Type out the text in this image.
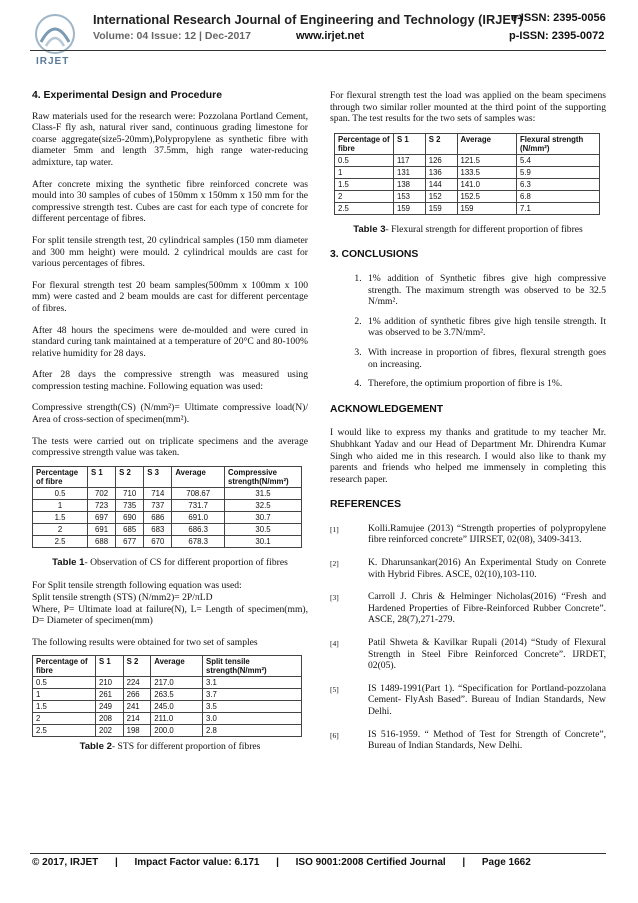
IRJET
International Research Journal of Engineering and Technology (IRJET)
e-ISSN: 2395-0056
Volume: 04 Issue: 12 | Dec-2017	www.irjet.net	p-ISSN: 2395-0072
4. Experimental Design and Procedure

Raw materials used for the research were: Pozzolana Portland Cement, Class-F fly ash, natural river sand, continuous grading limestone for coarse aggregate(size5-20mm),Polypropylene as synthetic fibre with diameter 5mm and length 37.5mm, high range water-reducing admixture, tap water.

After concrete mixing the synthetic fibre reinforced concrete was mould into 30 samples of cubes of 150mm x 150mm x 150 mm for the compressive strength test. Cubes are cast for each type of concrete for different percentage of fibres.

For split tensile strength test, 20 cylindrical samples (150 mm diameter and 300 mm height) were mould. 2 cylindrical moulds are cast for various percentages of fibres.

For flexural strength test 20 beam samples(500mm x 100mm x 100 mm) were casted and 2 beam moulds are cast for different percentage of fibres.

After 48 hours the specimens were de-moulded and were cured in standard curing tank maintained at a temperature of 20°C and 80-100% relative humidity for 28 days.

After 28 days the compressive strength was measured using compression testing machine. Following equation was used:

Compressive strength(CS) (N/mm²)= Ultimate compressive load(N)/ Area of cross-section of specimen(mm²).

The tests were carried out on triplicate specimens and the average compressive strength value was taken.

Percentage of fibre	S 1	S 2	S 3	Average	Compressive strength(N/mm²)
0.5	702	710	714	708.67	31.5
1	723	735	737	731.7	32.5
1.5	697	690	686	691.0	30.7
2	691	685	683	686.3	30.5
2.5	688	677	670	678.3	30.1
Table 1- Observation of CS for different proportion of fibres

For Split tensile strength following equation was used:

Split tensile strength (STS) (N/mm2)= 2P/πLD

Where, P= Ultimate load at failure(N), L= Length of specimen(mm), D= Diameter of specimen(mm)

The following results were obtained for two set of samples

Percentage of fibre	S 1	S 2	Average	Split tensile strength(N/mm²)
0.5	210	224	217.0	3.1
1	261	266	263.5	3.7
1.5	249	241	245.0	3.5
2	208	214	211.0	3.0
2.5	202	198	200.0	2.8
Table 2- STS for different proportion of fibres

For flexural strength test the load was applied on the beam specimens through two similar roller mounted at the third point of the supporting span. The test results for the two sets of samples was:

Percentage of fibre	S 1	S 2	Average	Flexural strength (N/mm²)
0.5	117	126	121.5	5.4
1	131	136	133.5	5.9
1.5	138	144	141.0	6.3
2	153	152	152.5	6.8
2.5	159	159	159	7.1
Table 3- Flexural strength for different proportion of fibres
3. CONCLUSIONS
1. 1% addition of Synthetic fibres give high compressive strength. The maximum strength was observed to be 32.5 N/mm².
2. 1% addition of synthetic fibres give high tensile strength. It was observed to be 3.7N/mm².
3. With increase in proportion of fibres, flexural strength goes on increasing.
4. Therefore, the optimium proportion of fibre is 1%.
ACKNOWLEDGEMENT

I would like to express my thanks and gratitude to my teacher Mr. Shubhkant Yadav and our Head of Department Mr. Dhirendra Kumar Singh who aided me in this research. I would also like to thank my parents and friends who helped me immensely in completing this research paper.

REFERENCES
[1]	Kolli.Ramujee (2013) “Strength properties of polypropylene fibre reinforced concrete” IJIRSET, 02(08), 3409-3413.
[2]	K. Dharunsankar(2016) An Experimental Study on Conrete with Hybrid Fibres. ASCE, 02(10),103-110.
[3]	Carroll J. Chris & Helminger Nicholas(2016) “Fresh and Hardened Properties of Fibre-Reinforced Rubber Concrete”. ASCE, 28(7),271-279.
[4]	Patil Shweta & Kavilkar Rupali (2014) “Study of Flexural Strength in Steel Fibre Reinforced Concrete”. IJRDET, 02(05).
[5]	IS 1489-1991(Part 1). “Specification for Portland-pozzolana Cement- FlyAsh Based”. Bureau of Indian Standards, New Delhi.
[6]	IS 516-1959. “ Method of Test for Strength of Concrete”, Bureau of Indian Standards, New Delhi.
© 2017, IRJET      |      Impact Factor value: 6.171      |      ISO 9001:2008 Certified Journal      |      Page 1662
